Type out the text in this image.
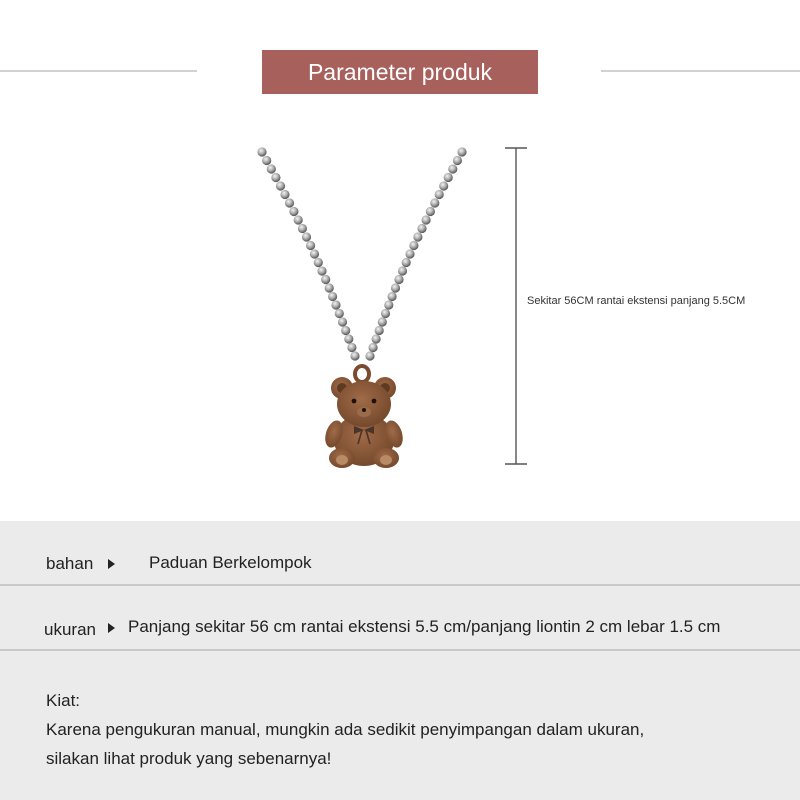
Parameter produk
Sekitar 56CM rantai ekstensi panjang 5.5CM
bahan	Paduan Berkelompok
ukuran Panjang sekitar 56 cm rantai ekstensi 5.5 cm/panjang liontin 2 cm lebar 1.5 cm
Kiat:
Karena pengukuran manual, mungkin ada sedikit penyimpangan dalam ukuran,
silakan lihat produk yang sebenarnya!
